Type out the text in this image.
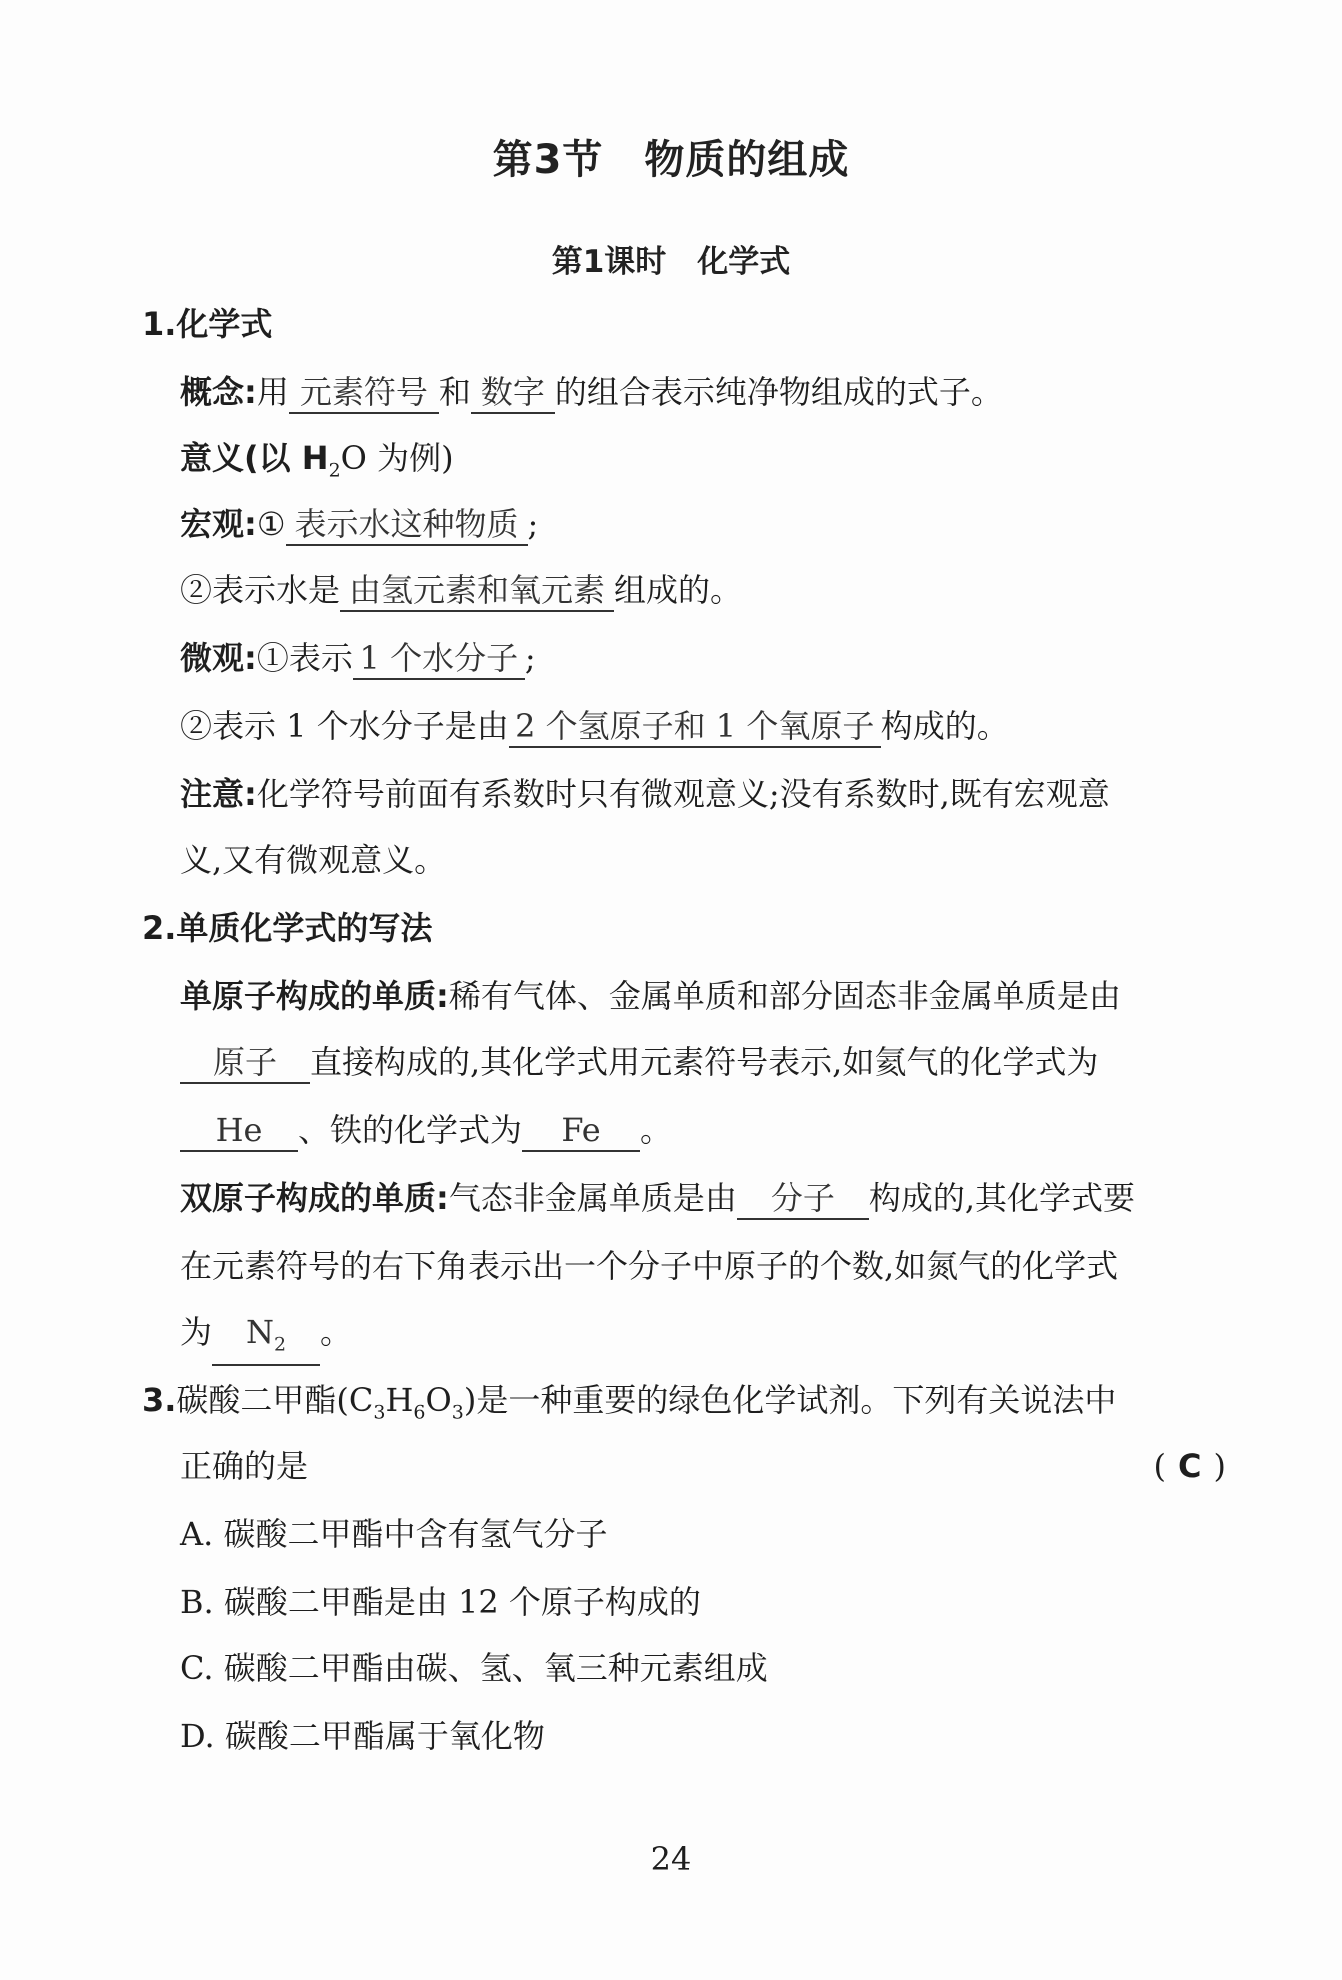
第3节　物质的组成
第1课时　化学式
1.化学式
概念:用 元素符号 和 数字 的组合表示纯净物组成的式子。
意义(以 $H_2O$ 为例)
宏观:① 表示水这种物质 ;
②表示水是 由氢元素和氧元素 组成的。
微观:①表示 1 个水分子 ;
②表示 1 个水分子是由 2 个氢原子和 1 个氧原子 构成的。
注意:化学符号前面有系数时只有微观意义;没有系数时,既有宏观意
义,又有微观意义。
2.单质化学式的写法
单原子构成的单质:稀有气体、金属单质和部分固态非金属单质是由
原子 直接构成的,其化学式用元素符号表示,如氦气的化学式为
He 、铁的化学式为 Fe 。
双原子构成的单质:气态非金属单质是由 分子 构成的,其化学式要
在元素符号的右下角表示出一个分子中原子的个数,如氮气的化学式
为 $N_2$ 。
3.碳酸二甲酯$(C_3H_6O_3)$是一种重要的绿色化学试剂。下列有关说法中
正确的是	( C )
A. 碳酸二甲酯中含有氢气分子
B. 碳酸二甲酯是由 12 个原子构成的
C. 碳酸二甲酯由碳、氢、氧三种元素组成
D. 碳酸二甲酯属于氧化物
24
